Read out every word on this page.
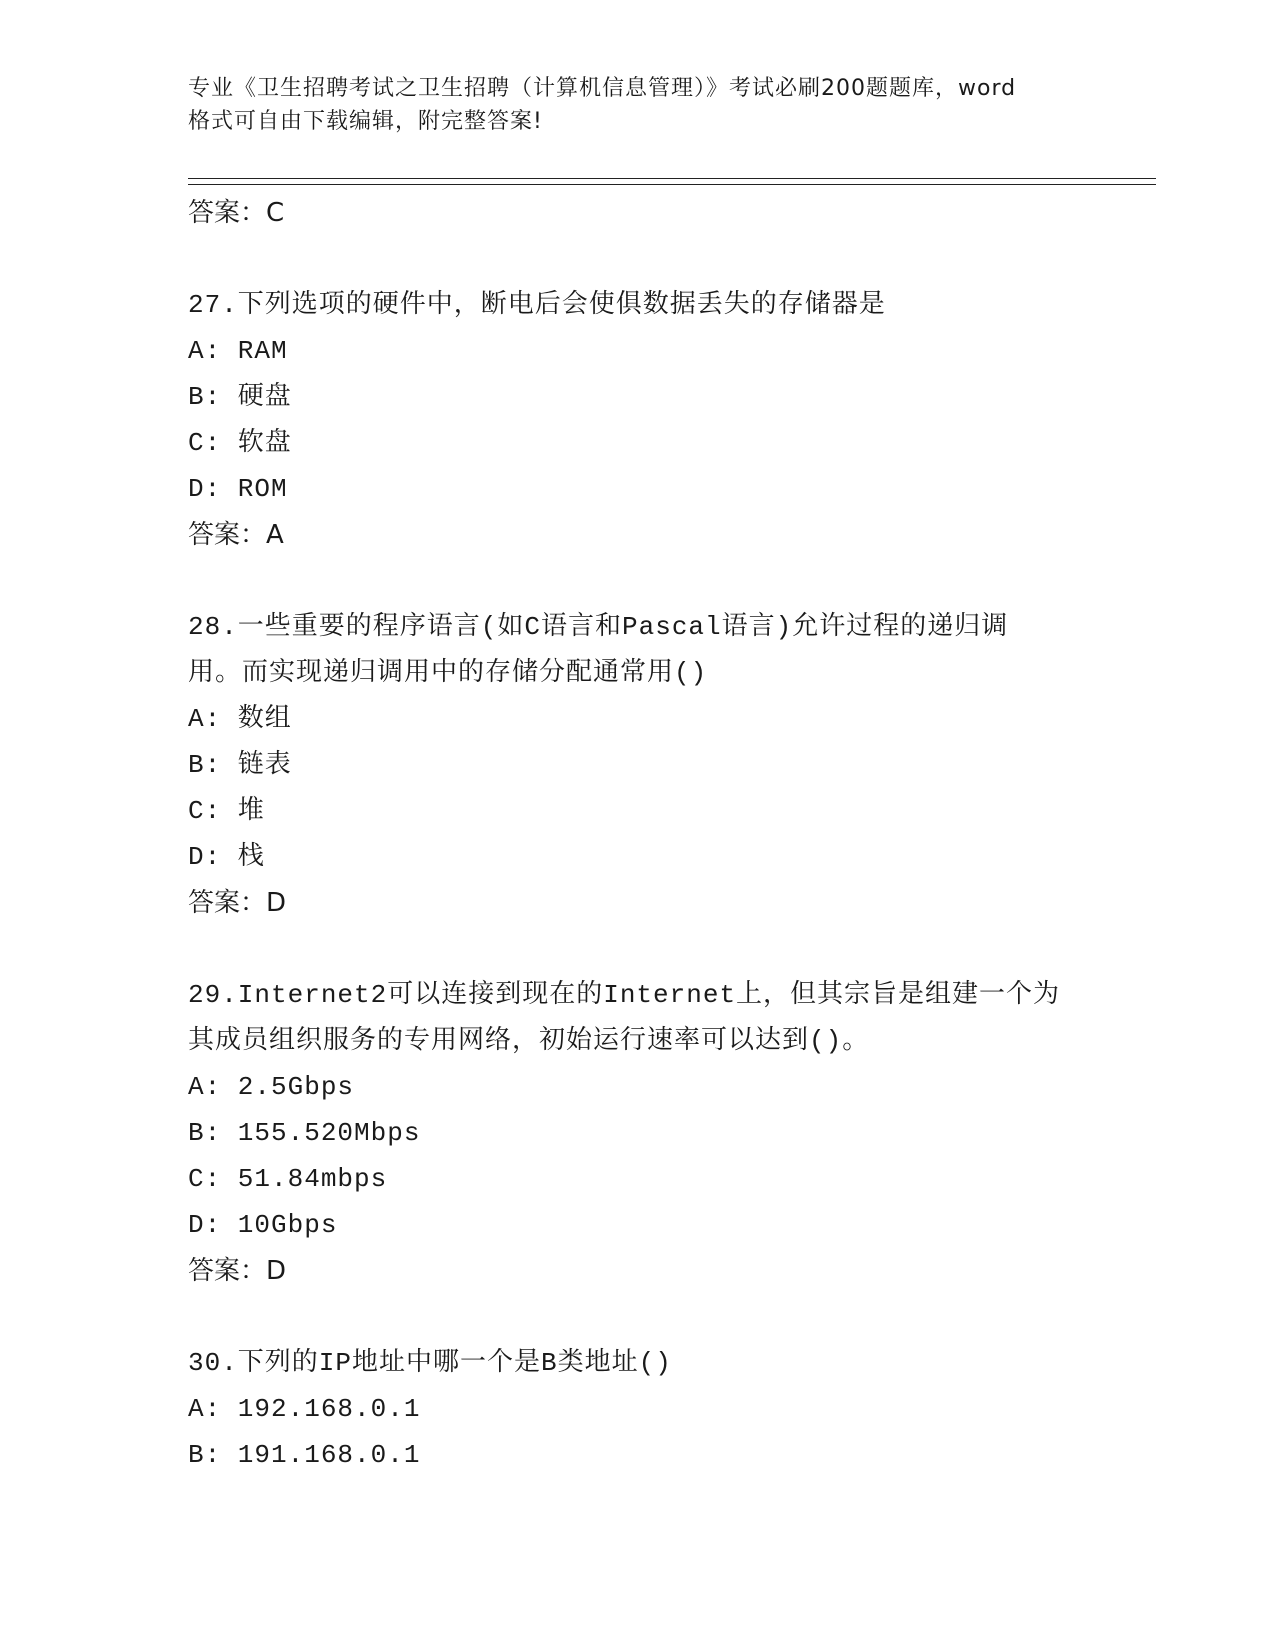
专业《卫生招聘考试之卫生招聘（计算机信息管理）》考试必刷200题题库，word
格式可自由下载编辑，附完整答案!
答案：C
27.下列选项的硬件中，断电后会使俱数据丢失的存储器是
A: RAM
B: 硬盘
C: 软盘
D: ROM
答案：A
28.一些重要的程序语言(如C语言和Pascal语言)允许过程的递归调
用。而实现递归调用中的存储分配通常用()
A: 数组
B: 链表
C: 堆
D: 栈
答案：D
29.Internet2可以连接到现在的Internet上，但其宗旨是组建一个为
其成员组织服务的专用网络，初始运行速率可以达到()。
A: 2.5Gbps
B: 155.520Mbps
C: 51.84mbps
D: 10Gbps
答案：D
30.下列的IP地址中哪一个是B类地址()
A: 192.168.0.1
B: 191.168.0.1
